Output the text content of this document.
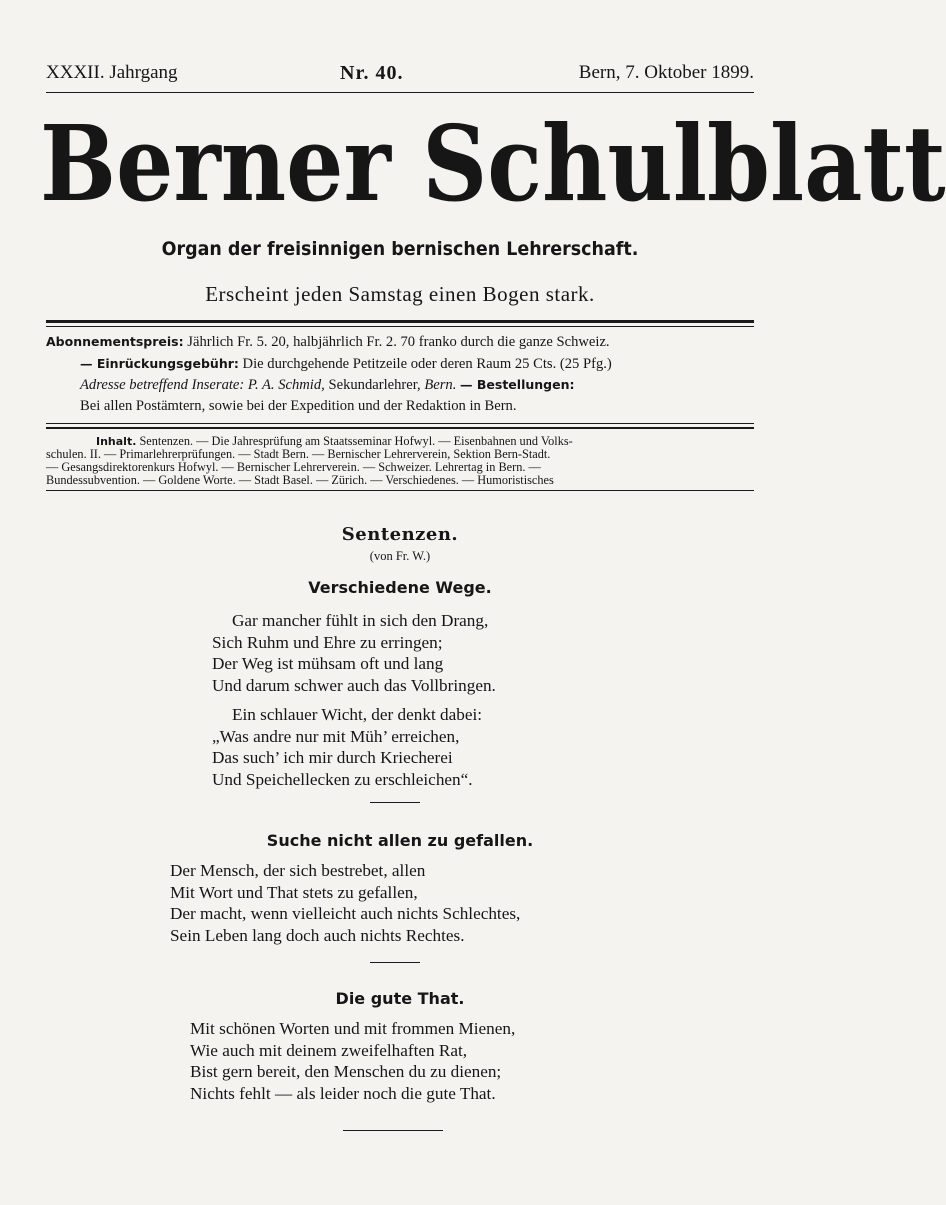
XXXII. Jahrgang	Nr. 40.	Bern, 7. Oktober 1899.
Berner Schulblatt
Organ der freisinnigen bernischen Lehrerschaft.
Erscheint jeden Samstag einen Bogen stark.
Abonnementspreis: Jährlich Fr. 5. 20, halbjährlich Fr. 2. 70 franko durch die ganze Schweiz.
— Einrückungsgebühr: Die durchgehende Petitzeile oder deren Raum 25 Cts. (25 Pfg.)
Adresse betreffend Inserate: P. A. Schmid, Sekundarlehrer, Bern. — Bestellungen:
Bei allen Postämtern, sowie bei der Expedition und der Redaktion in Bern.
Inhalt. Sentenzen. — Die Jahresprüfung am Staatsseminar Hofwyl. — Eisenbahnen und Volks-
schulen. II. — Primarlehrerprüfungen. — Stadt Bern. — Bernischer Lehrerverein, Sektion Bern-Stadt.
— Gesangsdirektorenkurs Hofwyl. — Bernischer Lehrerverein. — Schweizer. Lehrertag in Bern. —
Bundessubvention. — Goldene Worte. — Stadt Basel. — Zürich. — Verschiedenes. — Humoristisches
Sentenzen.
(von Fr. W.)
Verschiedene Wege.
Gar mancher fühlt in sich den Drang,
Sich Ruhm und Ehre zu erringen;
Der Weg ist mühsam oft und lang
Und darum schwer auch das Vollbringen.
Ein schlauer Wicht, der denkt dabei:
„Was andre nur mit Müh’ erreichen,
Das such’ ich mir durch Kriecherei
Und Speichellecken zu erschleichen“.
Suche nicht allen zu gefallen.
Der Mensch, der sich bestrebet, allen
Mit Wort und That stets zu gefallen,
Der macht, wenn vielleicht auch nichts Schlechtes,
Sein Leben lang doch auch nichts Rechtes.
Die gute That.
Mit schönen Worten und mit frommen Mienen,
Wie auch mit deinem zweifelhaften Rat,
Bist gern bereit, den Menschen du zu dienen;
Nichts fehlt — als leider noch die gute That.
